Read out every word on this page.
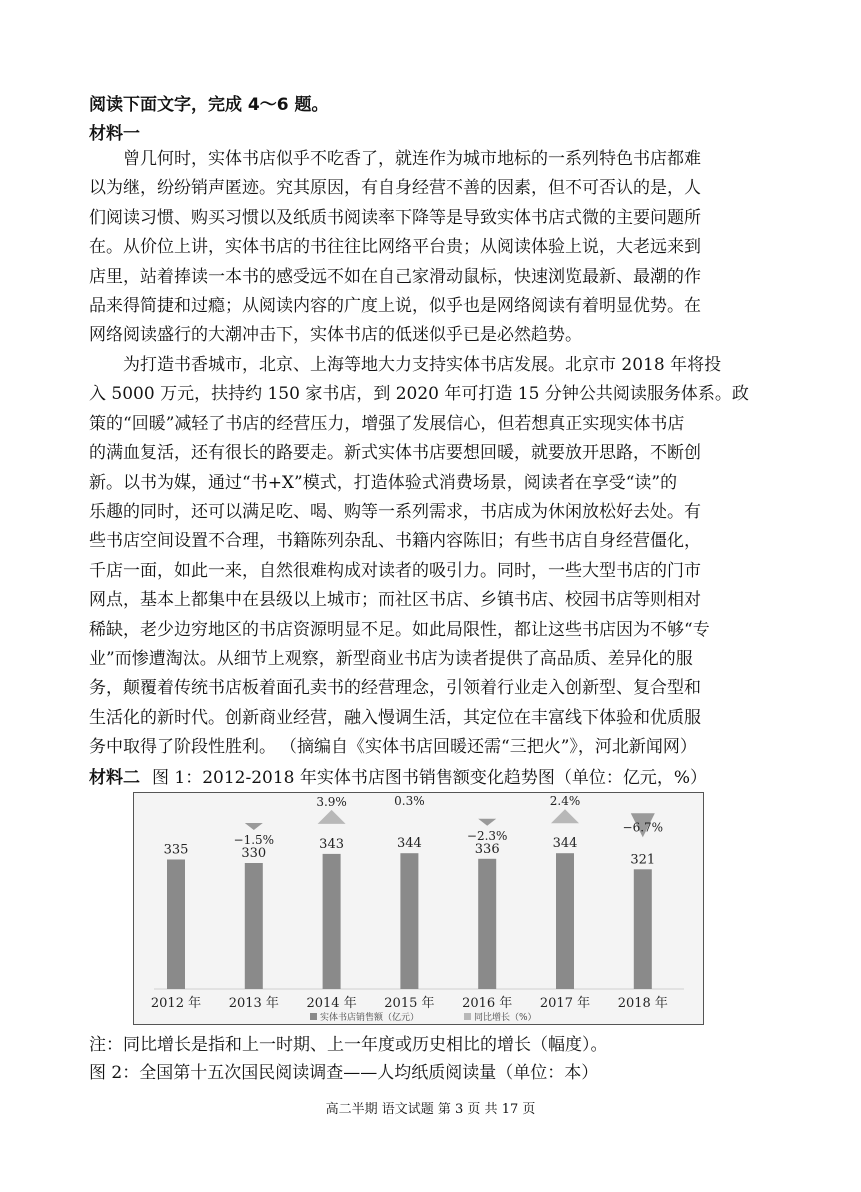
阅读下面文字，完成 4～6 题。
材料一
曾几何时，实体书店似乎不吃香了，就连作为城市地标的一系列特色书店都难
以为继，纷纷销声匿迹。究其原因，有自身经营不善的因素，但不可否认的是，人
们阅读习惯、购买习惯以及纸质书阅读率下降等是导致实体书店式微的主要问题所
在。从价位上讲，实体书店的书往往比网络平台贵；从阅读体验上说，大老远来到
店里，站着捧读一本书的感受远不如在自己家滑动鼠标，快速浏览最新、最潮的作
品来得简捷和过瘾；从阅读内容的广度上说，似乎也是网络阅读有着明显优势。在
网络阅读盛行的大潮冲击下，实体书店的低迷似乎已是必然趋势。
为打造书香城市，北京、上海等地大力支持实体书店发展。北京市 2018 年将投
入 5000 万元，扶持约 150 家书店，到 2020 年可打造 15 分钟公共阅读服务体系。政
策的“回暖”减轻了书店的经营压力，增强了发展信心，但若想真正实现实体书店
的满血复活，还有很长的路要走。新式实体书店要想回暖，就要放开思路，不断创
新。以书为媒，通过“书+X”模式，打造体验式消费场景，阅读者在享受“读”的
乐趣的同时，还可以满足吃、喝、购等一系列需求，书店成为休闲放松好去处。有
些书店空间设置不合理，书籍陈列杂乱、书籍内容陈旧；有些书店自身经营僵化，
千店一面，如此一来，自然很难构成对读者的吸引力。同时，一些大型书店的门市
网点，基本上都集中在县级以上城市；而社区书店、乡镇书店、校园书店等则相对
稀缺，老少边穷地区的书店资源明显不足。如此局限性，都让这些书店因为不够“专
业”而惨遭淘汰。从细节上观察，新型商业书店为读者提供了高品质、差异化的服
务，颠覆着传统书店板着面孔卖书的经营理念，引领着行业走入创新型、复合型和
生活化的新时代。创新商业经营，融入慢调生活，其定位在丰富线下体验和优质服
务中取得了阶段性胜利。 （摘编自《实体书店回暖还需“三把火”》，河北新闻网）
材料二 图 1：2012-2018 年实体书店图书销售额变化趋势图（单位：亿元，%）
335
2012 年
330
2013 年
−1.5%	343
2014 年
3.9%
344
2015 年
0.3%
336
2016 年
−2.3%
344
2017 年
2.4%
321
2018 年
−6.7%
实体书店销售额（亿元）	同比增长（%）
注：同比增长是指和上一时期、上一年度或历史相比的增长（幅度）。
图 2：全国第十五次国民阅读调查——人均纸质阅读量（单位：本）
高二半期 语文试题 第 3 页 共 17 页
